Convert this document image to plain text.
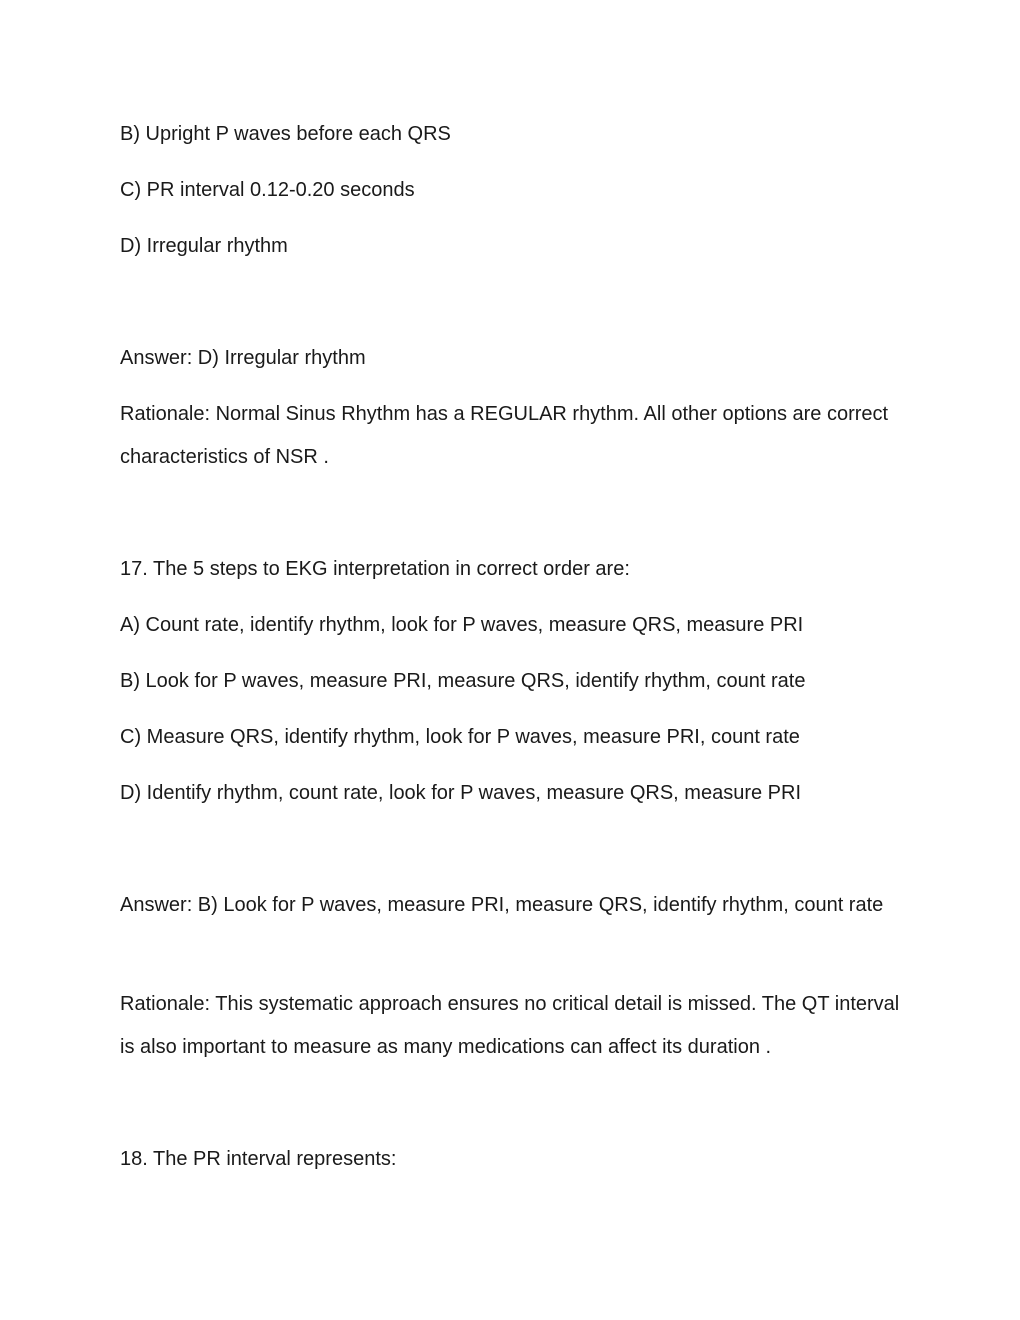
B) Upright P waves before each QRS
C) PR interval 0.12-0.20 seconds
D) Irregular rhythm
Answer: D) Irregular rhythm
Rationale: Normal Sinus Rhythm has a REGULAR rhythm. All other options are correct characteristics of NSR .
17. The 5 steps to EKG interpretation in correct order are:
A) Count rate, identify rhythm, look for P waves, measure QRS, measure PRI
B) Look for P waves, measure PRI, measure QRS, identify rhythm, count rate
C) Measure QRS, identify rhythm, look for P waves, measure PRI, count rate
D) Identify rhythm, count rate, look for P waves, measure QRS, measure PRI
Answer: B) Look for P waves, measure PRI, measure QRS, identify rhythm, count rate
Rationale: This systematic approach ensures no critical detail is missed. The QT interval is also important to measure as many medications can affect its duration .
18. The PR interval represents:
